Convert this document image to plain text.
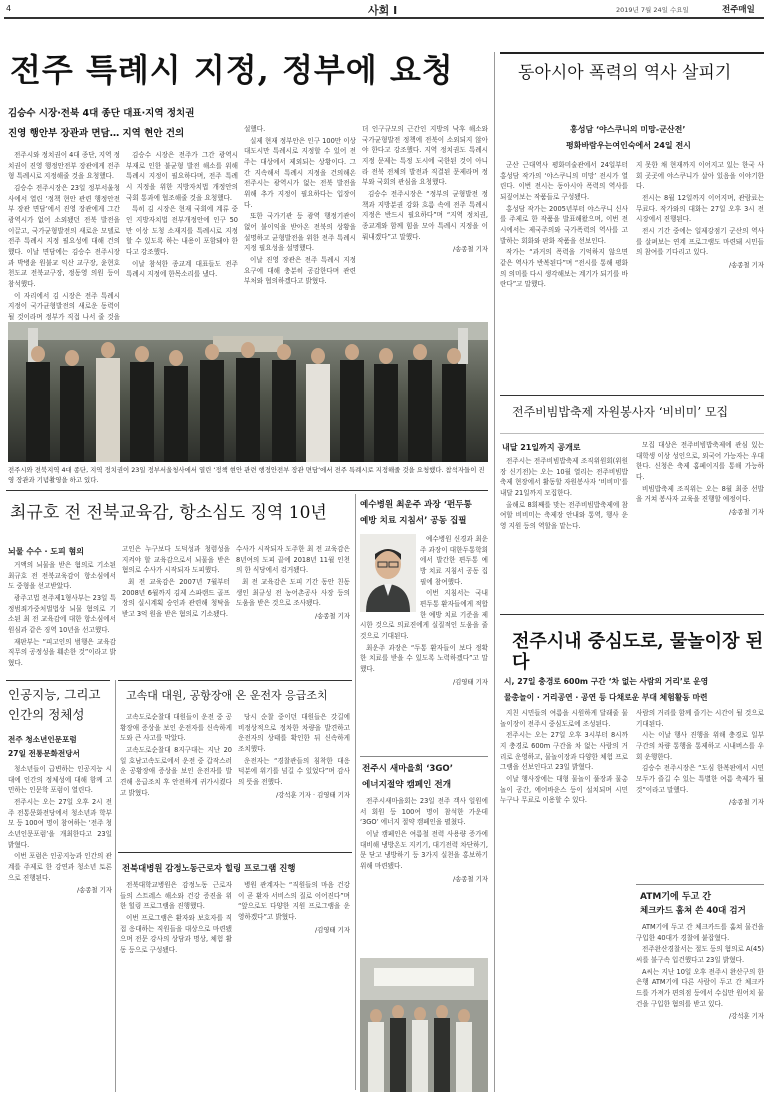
4	사회 Ⅰ	2019년 7월 24일 수요일	전주매일
전주 특례시 지정, 정부에 요청
김승수 시장·전북 4대 종단 대표·지역 정치권
진영 행안부 장관과 면담… 지역 현안 건의

전주시와 정치권이 4대 종단, 지역 정치권이 진영 행정안전부 장관에게 전주형 특례시로 지정해줄 것을 요청했다.

김승수 전주시장은 23일 정부서울청사에서 열린 ‘정책 현안 관련 행정안전부 장관 면담’에서 진영 장관에게 그간 광역시가 없어 소외됐던 전북 발전을 이끌고, 국가균형발전의 새로운 모델로 전주 특례시 지정 필요성에 대해 건의했다. 이날 면담에는 김승수 전주시장과 박병윤 원불교 익산 교구장, 윤현호 천도교 전북교구장, 정동영 의원 등이 참석했다.

이 자리에서 김 시장은 전주 특례시 지정이 국가균형발전의 새로운 동력이 될 것이라며 정부가 직접 나서 줄 것을

김승수 시장은 전주가 그간 광역시 부재로 인한 불균형 발전 해소를 위해 특례시 지정이 필요하다며, 전주 특례시 지정을 위한 지방자치법 개정안의 국회 통과에 협조해줄 것을 요청했다.

특히 김 시장은 현재 국회에 계류 중인 지방자치법 전부개정안에 인구 50만 이상 도청 소재지를 특례시로 지정할 수 있도록 하는 내용이 포함돼야 한다고 강조했다.

이날 참석한 종교계 대표들도 전주 특례시 지정에 한목소리를 냈다.

설했다.

실제 현재 정부안은 인구 100만 이상 대도시만 특례시로 지정할 수 있어 전주는 대상에서 제외되는 상황이다. 그간 지속해서 특례시 지정을 건의해온 전주시는 광역시가 없는 전북 발전을 위해 추가 지정이 필요하다는 입장이다.

또한 국가기관 등 광역 행정기관이 없어 불이익을 받아온 전북의 상황을 설명하고 균형발전을 위한 전주 특례시 지정 필요성을 설명했다.

이날 진영 장관은 전주 특례시 지정 요구에 대해 충분히 공감한다며 관련 부처와 협의하겠다고 밝혔다.

더 인구규모의 근간인 지방의 낙후 해소와 국가균형발전 정책에 전북이 소외되지 않아야 한다고 강조했다. 지역 정치권도 특례시 지정 문제는 특정 도시에 국한된 것이 아니라 전북 전체의 발전과 직결된 문제라며 정부와 국회의 관심을 요청했다.

김승수 전주시장은 “정부의 균형발전 정책과 지방분권 강화 흐름 속에 전주 특례시 지정은 반드시 필요하다”며 “지역 정치권, 종교계와 함께 힘을 모아 특례시 지정을 이뤄내겠다”고 말했다.

/송종철 기자
전주시와 전북지역 4대 종단, 지역 정치권이 23일 정부서울청사에서 열린 ‘정책 현안 관련 행정안전부 장관 면담’에서 전주 특례시로 지정해줄 것을 요청했다. 참석자들이 진영 장관과 기념촬영을 하고 있다.
동아시아 폭력의 역사 살피기
홍성담 ‘야스쿠니의 미망-군산전’
평화바람우는여인숙에서 24일 전시

군산 근대역사 평화미술관에서 24일부터 홍성담 작가의 ‘야스쿠니의 미망’ 전시가 열린다. 이번 전시는 동아시아 폭력의 역사를 되짚어보는 작품들로 구성됐다.

홍성담 작가는 2005년부터 야스쿠니 신사를 주제로 한 작품을 발표해왔으며, 이번 전시에서는 제국주의와 국가폭력의 역사를 고발하는 회화와 판화 작품을 선보인다.

작가는 “과거의 폭력을 기억하지 않으면 같은 역사가 반복된다”며 “전시를 통해 평화의 의미를 다시 생각해보는 계기가 되기를 바란다”고 말했다.

지 못한 채 현재까지 이어지고 있는 한국 사회 곳곳에 야스쿠니가 살아 있음을 이야기한다.

전시는 8월 12일까지 이어지며, 관람료는 무료다. 작가와의 대화는 27일 오후 3시 전시장에서 진행된다.

전시 기간 중에는 일제강점기 군산의 역사를 살펴보는 연계 프로그램도 마련돼 시민들의 참여를 기다리고 있다.

/송종철 기자
전주비빔밥축제 자원봉사자 ‘비비미’ 모집
내달 21일까지 공개로

전주시는 전주비빔밥축제 조직위원회(위원장 신기전)는 오는 10월 열리는 전주비빔밥축제 현장에서 활동할 자원봉사자 ‘비비미’를 내달 21일까지 모집한다.

올해로 8회째를 맞는 전주비빔밥축제에 참여할 비비미는 축제장 안내와 통역, 행사 운영 지원 등의 역할을 맡는다.

모집 대상은 전주비빔밥축제에 관심 있는 대학생 이상 성인으로, 외국어 가능자는 우대한다. 신청은 축제 홈페이지를 통해 가능하다.

비빔밥축제 조직위는 오는 8월 최종 선발을 거쳐 봉사자 교육을 진행할 예정이다.

/송종철 기자
전주시내 중심도로, 물놀이장 된다
시, 27일 충경로 600m 구간 ‘차 없는 사람의 거리’로 운영
물총놀이 · 거리공연 · 공연 등 다채로운 부대 체험활동 마련

지친 시민들의 여름을 시원하게 달래줄 물놀이장이 전주시 중심도로에 조성된다.

전주시는 오는 27일 오후 3시부터 8시까지 충경로 600m 구간을 차 없는 사람의 거리로 운영하고, 물놀이장과 다양한 체험 프로그램을 선보인다고 23일 밝혔다.

이날 행사장에는 대형 물놀이 풀장과 물총 놀이 공간, 에어바운스 등이 설치되며 시민 누구나 무료로 이용할 수 있다.

사람의 거리를 함께 즐기는 시간이 될 것으로 기대된다.

시는 이날 행사 진행을 위해 충경로 일부 구간의 차량 통행을 통제하고 시내버스를 우회 운행한다.

김승수 전주시장은 “도심 한복판에서 시민 모두가 즐길 수 있는 특별한 여름 축제가 될 것”이라고 말했다.

/송종철 기자
ATM기에 두고 간
체크카드 훔쳐 쓴 40대 검거

ATM기에 두고 간 체크카드를 훔쳐 물건을 구입한 40대가 경찰에 붙잡혔다.

전주완산경찰서는 절도 등의 혐의로 A(45)씨를 불구속 입건했다고 23일 밝혔다.

A씨는 지난 10일 오후 전주시 완산구의 한 은행 ATM기에 다른 사람이 두고 간 체크카드를 가져가 편의점 등에서 수십만 원어치 물건을 구입한 혐의를 받고 있다.

/강석훈 기자
최규호 전 전북교육감, 항소심도 징역 10년
뇌물 수수 · 도피 혐의

거액의 뇌물을 받은 혐의로 기소된 최규호 전 전북교육감이 항소심에서도 중형을 선고받았다.

광주고법 전주제1형사부는 23일 특정범죄가중처벌법상 뇌물 혐의로 기소된 최 전 교육감에 대한 항소심에서 원심과 같은 징역 10년을 선고했다.

재판부는 “피고인의 범행은 교육감 직무의 공정성을 훼손한 것”이라고 밝혔다.

고인은 누구보다 도덕성과 청렴성을 지켜야 할 교육감으로서 뇌물을 받은 혐의로 수사가 시작되자 도피했다.

최 전 교육감은 2007년 7월부터 2008년 6월까지 김제 스파랜드 골프장의 실시계획 승인과 관련해 청탁을 받고 3억 원을 받은 혐의로 기소됐다.

수사가 시작되자 도주한 최 전 교육감은 8년여의 도피 끝에 2018년 11월 인천의 한 식당에서 검거됐다.

최 전 교육감은 도피 기간 동안 친동생인 최규성 전 농어촌공사 사장 등의 도움을 받은 것으로 조사됐다.

/송종철 기자
예수병원 최운주 과장 ‘펀두통
예방 치료 지침서’ 공동 집필

예수병원 신경과 최운주 과장이 대한두통학회에서 발간한 편두통 예방 치료 지침서 공동 집필에 참여했다.

이번 지침서는 국내 편두통 환자들에게 적합한 예방 치료 기준을 제시한 것으로 의료진에게 실질적인 도움을 줄 것으로 기대된다.

최운주 과장은 “두통 환자들이 보다 정확한 치료를 받을 수 있도록 노력하겠다”고 말했다.

/김영태 기자
전주시 새마을회 ‘3GO’
에너지절약 캠페인 전개

전주시새마을회는 23일 전주 객사 일원에서 회원 등 100여 명이 참석한 가운데 ‘3GO’ 에너지 절약 캠페인을 펼쳤다.

이날 캠페인은 여름철 전력 사용량 증가에 대비해 냉방온도 지키기, 대기전력 차단하기, 문 닫고 냉방하기 등 3가지 실천을 홍보하기 위해 마련됐다.

/송종철 기자
인공지능, 그리고
인간의 정체성
전주 청소년인문포럼
27일 전통문화전당서

청소년들이 급변하는 인공지능 시대에 인간의 정체성에 대해 함께 고민하는 인문학 포럼이 열린다.

전주시는 오는 27일 오후 2시 전주 전통문화전당에서 청소년과 학부모 등 100여 명이 참여하는 ‘전주 청소년인문포럼’을 개최한다고 23일 밝혔다.

이번 포럼은 인공지능과 인간의 관계를 주제로 한 강연과 청소년 토론으로 진행된다.

/송종철 기자
고속대 대원, 공항장애 온 운전자 응급조치

고속도로순찰대 대원들이 운전 중 공황장애 증상을 보인 운전자를 신속하게 도와 큰 사고를 막았다.

고속도로순찰대 8지구대는 지난 20일 호남고속도로에서 운전 중 갑작스러운 공황장애 증상을 보인 운전자를 발견해 응급조치 후 안전하게 귀가시켰다고 밝혔다.

당시 순찰 중이던 대원들은 갓길에 비정상적으로 정차한 차량을 발견하고 운전자의 상태를 확인한 뒤 신속하게 조치했다.

운전자는 “경찰관들의 침착한 대응 덕분에 위기를 넘길 수 있었다”며 감사의 뜻을 전했다.

/강석훈 기자 · 김영태 기자
전북대병원 감정노동근로자 힐링 프로그램 진행

전북대학교병원은 감정노동 근로자들의 스트레스 해소와 건강 증진을 위한 힐링 프로그램을 진행했다.

이번 프로그램은 환자와 보호자를 직접 응대하는 직원들을 대상으로 마련됐으며 전문 강사의 상담과 명상, 체험 활동 등으로 구성됐다.

병원 관계자는 “직원들의 마음 건강이 곧 환자 서비스의 질로 이어진다”며 “앞으로도 다양한 지원 프로그램을 운영하겠다”고 밝혔다.

/김영태 기자
